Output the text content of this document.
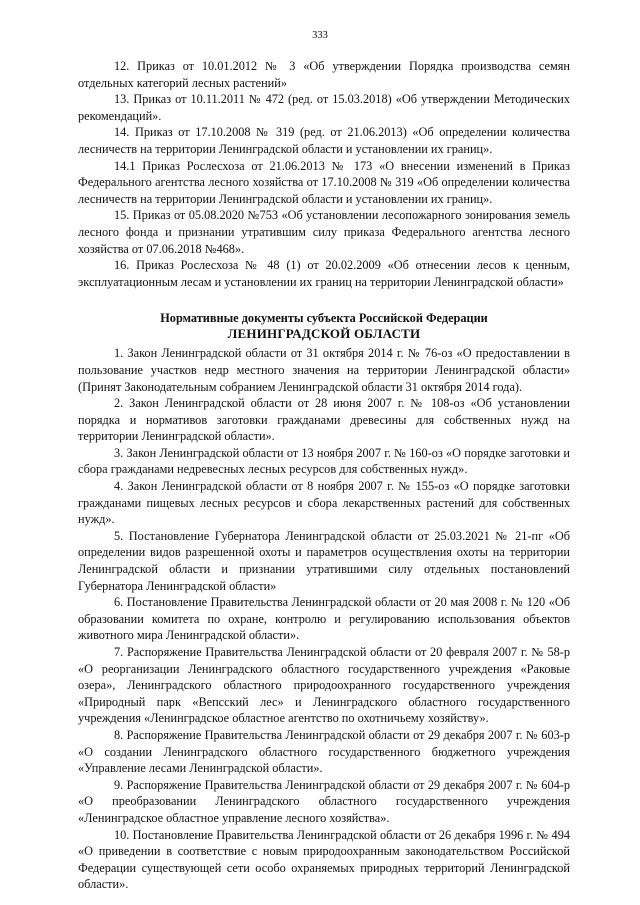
333

12. Приказ от 10.01.2012 № 3 «Об утверждении Порядка производства семян отдельных категорий лесных растений»

13. Приказ от 10.11.2011 № 472 (ред. от 15.03.2018) «Об утверждении Методических рекомендаций».

14. Приказ от 17.10.2008 № 319 (ред. от 21.06.2013) «Об определении количества лесничеств на территории Ленинградской области и установлении их границ».

14.1 Приказ Рослесхоза от 21.06.2013 № 173 «О внесении изменений в Приказ Федерального агентства лесного хозяйства от 17.10.2008 № 319 «Об определении количества лесничеств на территории Ленинградской области и установлении их границ».

15. Приказ от 05.08.2020 №753 «Об установлении лесопожарного зонирования земель лесного фонда и признании утратившим силу приказа Федерального агентства лесного хозяйства от 07.06.2018 №468».

16. Приказ Рослесхоза № 48 (1) от 20.02.2009 «Об отнесении лесов к ценным, эксплуатационным лесам и установлении их границ на территории Ленинградской области»

Нормативные документы субъекта Российской Федерации
ЛЕНИНГРАДСКОЙ ОБЛАСТИ

1. Закон Ленинградской области от 31 октября 2014 г. № 76-оз «О предоставлении в пользование участков недр местного значения на территории Ленинградской области» (Принят Законодательным собранием Ленинградской области 31 октября 2014 года).

2. Закон Ленинградской области от 28 июня 2007 г. № 108-оз «Об установлении порядка и нормативов заготовки гражданами древесины для собственных нужд на территории Ленинградской области».

3. Закон Ленинградской области от 13 ноября 2007 г. № 160-оз «О порядке заготовки и сбора гражданами недревесных лесных ресурсов для собственных нужд».

4. Закон Ленинградской области от 8 ноября 2007 г. № 155-оз «О порядке заготовки гражданами пищевых лесных ресурсов и сбора лекарственных растений для собственных нужд».

5. Постановление Губернатора Ленинградской области от 25.03.2021 № 21-пг «Об определении видов разрешенной охоты и параметров осуществления охоты на территории Ленинградской области и признании утратившими силу отдельных постановлений Губернатора Ленинградской области»

6. Постановление Правительства Ленинградской области от 20 мая 2008 г. № 120 «Об образовании комитета по охране, контролю и регулированию использования объектов животного мира Ленинградской области».

7. Распоряжение Правительства Ленинградской области от 20 февраля 2007 г. № 58-р «О реорганизации Ленинградского областного государственного учреждения «Раковые озера», Ленинградского областного природоохранного государственного учреждения «Природный парк «Вепсский лес» и Ленинградского областного государственного учреждения «Ленинградское областное агентство по охотничьему хозяйству».

8. Распоряжение Правительства Ленинградской области от 29 декабря 2007 г. № 603-р «О создании Ленинградского областного государственного бюджетного учреждения «Управление лесами Ленинградской области».

9. Распоряжение Правительства Ленинградской области от 29 декабря 2007 г. № 604-р «О преобразовании Ленинградского областного государственного учреждения «Ленинградское областное управление лесного хозяйства».

10. Постановление Правительства Ленинградской области от 26 декабря 1996 г. № 494 «О приведении в соответствие с новым природоохранным законодательством Российской Федерации существующей сети особо охраняемых природных территорий Ленинградской области».
